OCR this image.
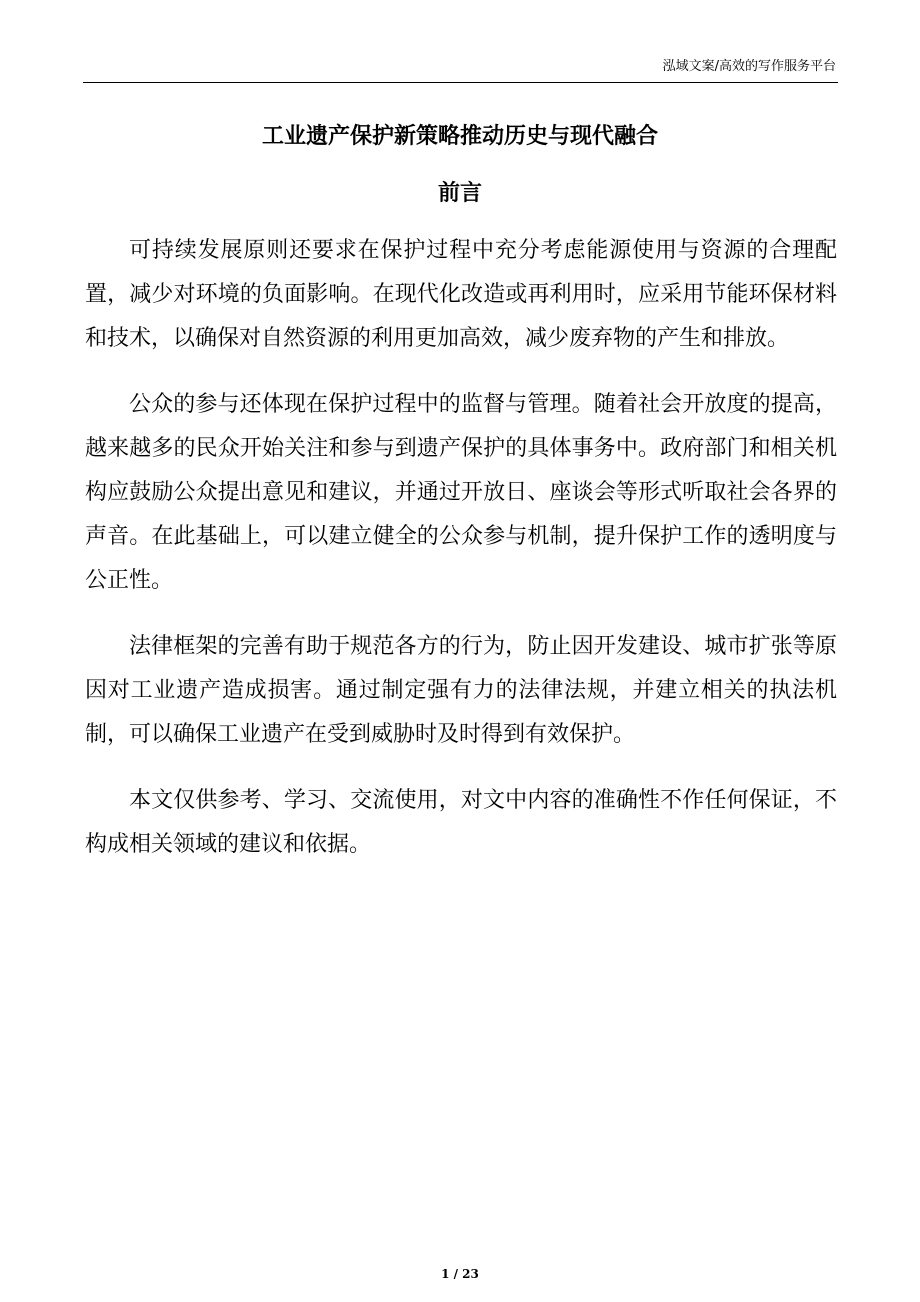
泓域文案/高效的写作服务平台
工业遗产保护新策略推动历史与现代融合
前言

可持续发展原则还要求在保护过程中充分考虑能源使用与资源的合理配置，减少对环境的负面影响。在现代化改造或再利用时，应采用节能环保材料和技术，以确保对自然资源的利用更加高效，减少废弃物的产生和排放。

公众的参与还体现在保护过程中的监督与管理。随着社会开放度的提高，越来越多的民众开始关注和参与到遗产保护的具体事务中。政府部门和相关机构应鼓励公众提出意见和建议，并通过开放日、座谈会等形式听取社会各界的声音。在此基础上，可以建立健全的公众参与机制，提升保护工作的透明度与公正性。

法律框架的完善有助于规范各方的行为，防止因开发建设、城市扩张等原因对工业遗产造成损害。通过制定强有力的法律法规，并建立相关的执法机制，可以确保工业遗产在受到威胁时及时得到有效保护。

本文仅供参考、学习、交流使用，对文中内容的准确性不作任何保证，不构成相关领域的建议和依据。

1 / 23
